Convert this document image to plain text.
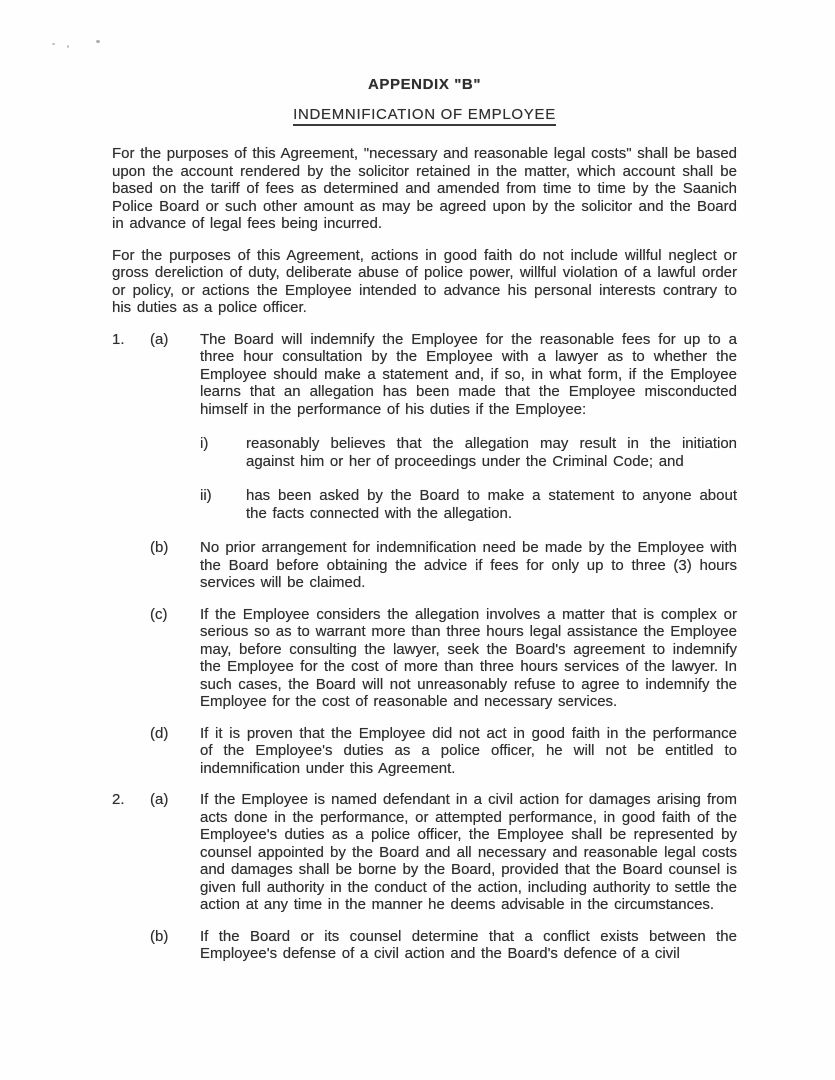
APPENDIX "B"
INDEMNIFICATION OF EMPLOYEE

For the purposes of this Agreement, "necessary and reasonable legal costs" shall be based upon the account rendered by the solicitor retained in the matter, which account shall be based on the tariff of fees as determined and amended from time to time by the Saanich Police Board or such other amount as may be agreed upon by the solicitor and the Board in advance of legal fees being incurred.

For the purposes of this Agreement, actions in good faith do not include willful neglect or gross dereliction of duty, deliberate abuse of police power, willful violation of a lawful order or policy, or actions the Employee intended to advance his personal interests contrary to his duties as a police officer.

1.	(a)	The Board will indemnify the Employee for the reasonable fees for up to a three hour consultation by the Employee with a lawyer as to whether the Employee should make a statement and, if so, in what form, if the Employee learns that an allegation has been made that the Employee misconducted himself in the performance of his duties if the Employee:
i)	reasonably believes that the allegation may result in the initiation against him or her of proceedings under the Criminal Code; and
ii)	has been asked by the Board to make a statement to anyone about the facts connected with the allegation.
(b)	No prior arrangement for indemnification need be made by the Employee with the Board before obtaining the advice if fees for only up to three (3) hours services will be claimed.
(c)	If the Employee considers the allegation involves a matter that is complex or serious so as to warrant more than three hours legal assistance the Employee may, before consulting the lawyer, seek the Board's agreement to indemnify the Employee for the cost of more than three hours services of the lawyer. In such cases, the Board will not unreasonably refuse to agree to indemnify the Employee for the cost of reasonable and necessary services.
(d)	If it is proven that the Employee did not act in good faith in the performance of the Employee's duties as a police officer, he will not be entitled to indemnification under this Agreement.
2.	(a)	If the Employee is named defendant in a civil action for damages arising from acts done in the performance, or attempted performance, in good faith of the Employee's duties as a police officer, the Employee shall be represented by counsel appointed by the Board and all necessary and reasonable legal costs and damages shall be borne by the Board, provided that the Board counsel is given full authority in the conduct of the action, including authority to settle the action at any time in the manner he deems advisable in the circumstances.
(b)	If the Board or its counsel determine that a conflict exists between the Employee's defense of a civil action and the Board's defence of a civil
